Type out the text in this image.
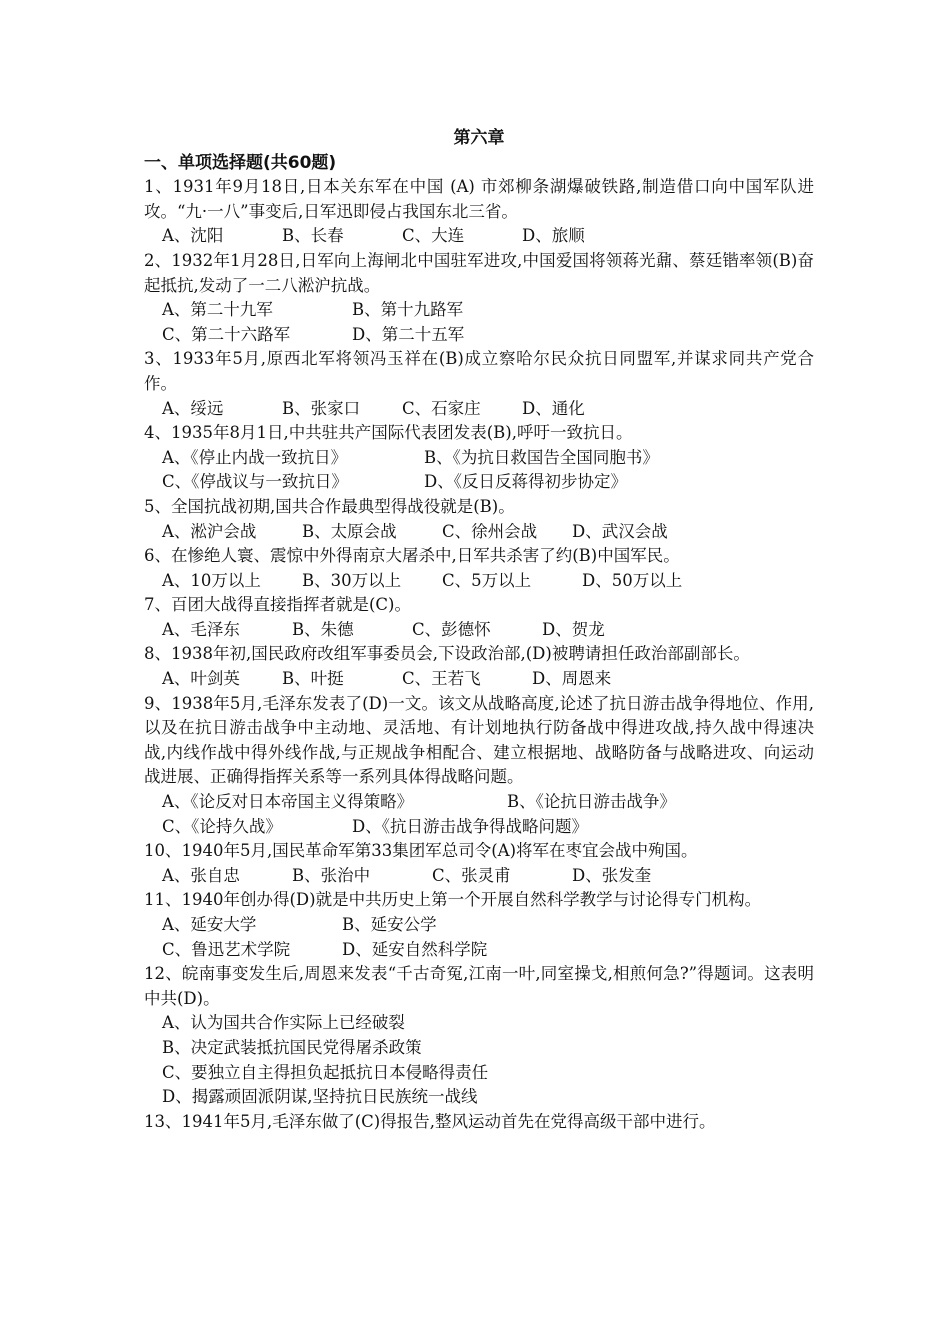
第六章
一、单项选择题(共60题)
1、1931年9月18日,日本关东军在中国 (A) 市郊柳条湖爆破铁路,制造借口向中国军队进攻。“九·一八”事变后,日军迅即侵占我国东北三省。
A、沈阳	B、长春	C、大连	D、旅顺
2、1932年1月28日,日军向上海闸北中国驻军进攻,中国爱国将领蒋光鼐、蔡廷锴率领(B)奋起抵抗,发动了一二八淞沪抗战。
A、第二十九军	B、第十九路军
C、第二十六路军	D、第二十五军
3、1933年5月,原西北军将领冯玉祥在(B)成立察哈尔民众抗日同盟军,并谋求同共产党合作。
A、绥远	B、张家口	C、石家庄	D、通化
4、1935年8月1日,中共驻共产国际代表团发表(B),呼吁一致抗日。
A、《停止内战一致抗日》	B、《为抗日救国告全国同胞书》
C、《停战议与一致抗日》	D、《反日反蒋得初步协定》
5、全国抗战初期,国共合作最典型得战役就是(B)。
A、淞沪会战	B、太原会战	C、徐州会战 D、武汉会战
6、在惨绝人寰、震惊中外得南京大屠杀中,日军共杀害了约(B)中国军民。
A、10万以上 B、30万以上 C、5万以上	D、50万以上
7、百团大战得直接指挥者就是(C)。
A、毛泽东	B、朱德	C、彭德怀	D、贺龙
8、1938年初,国民政府改组军事委员会,下设政治部,(D)被聘请担任政治部副部长。
A、叶剑英	B、叶挺	C、王若飞	D、周恩来
9、1938年5月,毛泽东发表了(D)一文。该文从战略高度,论述了抗日游击战争得地位、作用,以及在抗日游击战争中主动地、灵活地、有计划地执行防备战中得进攻战,持久战中得速决战,内线作战中得外线作战,与正规战争相配合、建立根据地、战略防备与战略进攻、向运动战进展、正确得指挥关系等一系列具体得战略问题。
A、《论反对日本帝国主义得策略》	B、《论抗日游击战争》
C、《论持久战》	D、《抗日游击战争得战略问题》
10、1940年5月,国民革命军第33集团军总司令(A)将军在枣宜会战中殉国。
A、张自忠	B、张治中	C、张灵甫	D、张发奎
11、1940年创办得(D)就是中共历史上第一个开展自然科学教学与讨论得专门机构。
A、延安大学	B、延安公学
C、鲁迅艺术学院	D、延安自然科学院
12、皖南事变发生后,周恩来发表“千古奇冤,江南一叶,同室操戈,相煎何急?”得题词。这表明中共(D)。
A、认为国共合作实际上已经破裂
B、决定武装抵抗国民党得屠杀政策
C、要独立自主得担负起抵抗日本侵略得责任
D、揭露顽固派阴谋,坚持抗日民族统一战线
13、1941年5月,毛泽东做了(C)得报告,整风运动首先在党得高级干部中进行。
